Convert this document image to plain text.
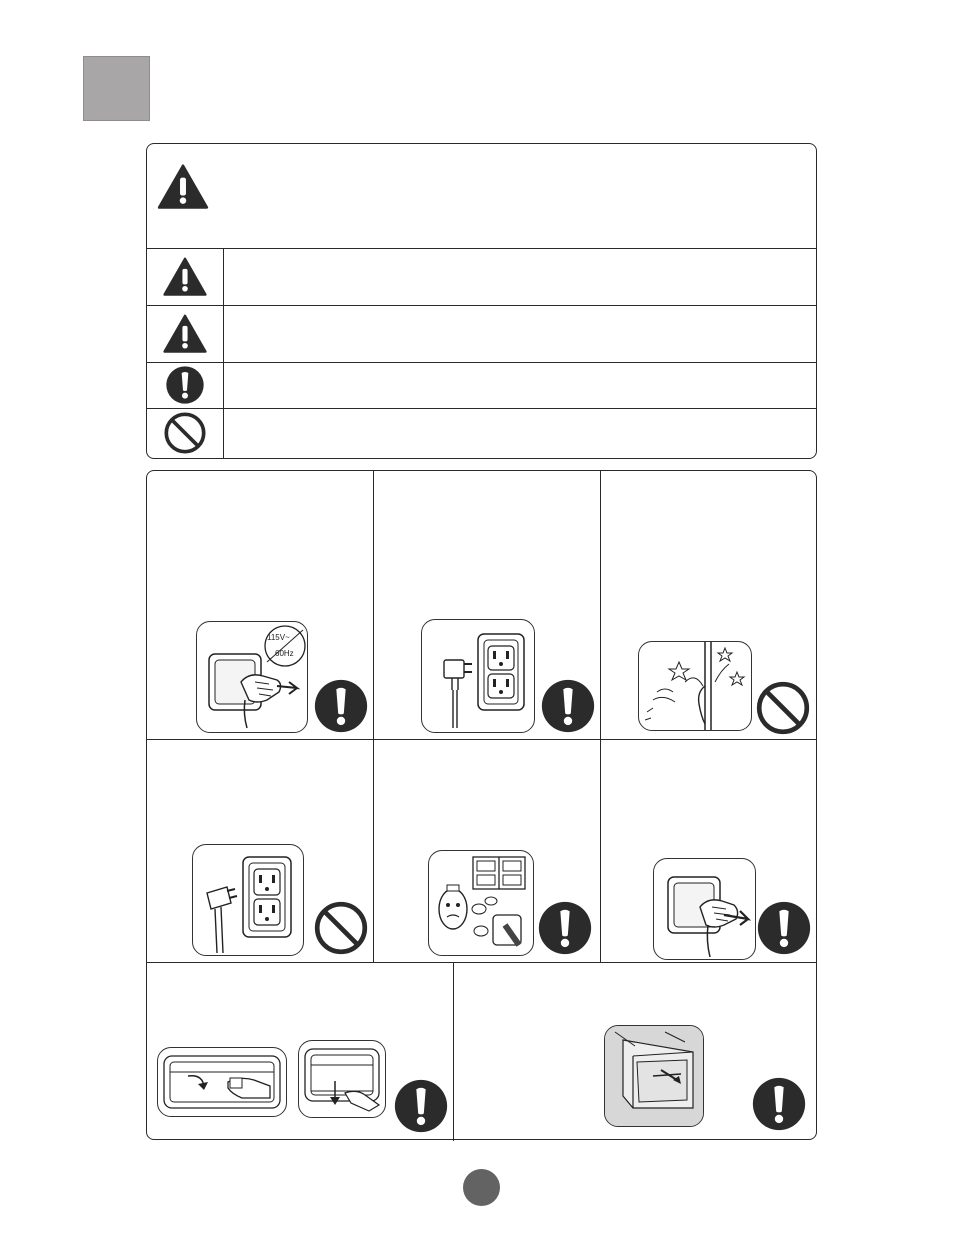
115V~
60Hz
